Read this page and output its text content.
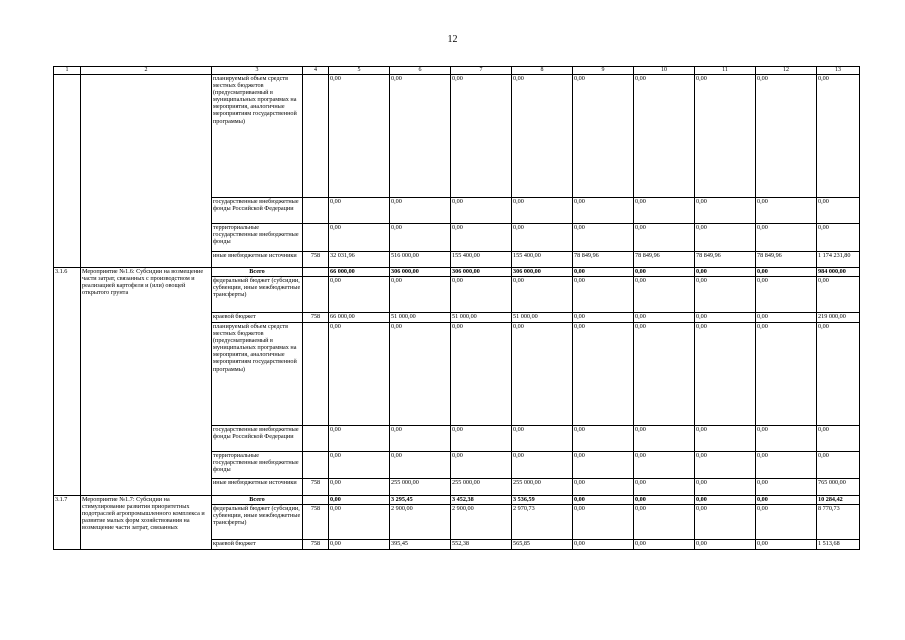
12
1	2	3	4	5	6	7	8	9	10	11	12	13
		планируемый объем средств местных бюджетов (предусматриваемый в муниципальных программах на мероприятия, аналогичные мероприятиям государственной программы)		0,00	0,00	0,00	0,00	0,00	0,00	0,00	0,00	0,00
		государственные внебюджетные фонды Российской Федерации		0,00	0,00	0,00	0,00	0,00	0,00	0,00	0,00	0,00
		территориальные государственные внебюджетные фонды		0,00	0,00	0,00	0,00	0,00	0,00	0,00	0,00	0,00
		иные внебюджетные источники	758	32 031,96	516 000,00	155 400,00	155 400,00	78 849,96	78 849,96	78 849,96	78 849,96	1 174 231,80
3.1.6	Мероприятие №1.6: Субсидии на возмещение части затрат, связанных с производством и реализацией картофеля и (или) овощей открытого грунта	Всего		66 000,00	306 000,00	306 000,00	306 000,00	0,00	0,00	0,00	0,00	984 000,00
		федеральный бюджет (субсидии, субвенции, иные межбюджетные трансферты)		0,00	0,00	0,00	0,00	0,00	0,00	0,00	0,00	0,00
		краевой бюджет	758	66 000,00	51 000,00	51 000,00	51 000,00	0,00	0,00	0,00	0,00	219 000,00
		планируемый объем средств местных бюджетов (предусматриваемый в муниципальных программах на мероприятия, аналогичные мероприятиям государственной программы)		0,00	0,00	0,00	0,00	0,00	0,00	0,00	0,00	0,00
		государственные внебюджетные фонды Российской Федерации		0,00	0,00	0,00	0,00	0,00	0,00	0,00	0,00	0,00
		территориальные государственные внебюджетные фонды		0,00	0,00	0,00	0,00	0,00	0,00	0,00	0,00	0,00
		иные внебюджетные источники	758	0,00	255 000,00	255 000,00	255 000,00	0,00	0,00	0,00	0,00	765 000,00
3.1.7	Мероприятие №1.7: Субсидии на стимулирование развития приоритетных подотраслей агропромышленного комплекса и развитие малых форм хозяйствования на возмещение части затрат, связанных	Всего		0,00	3 295,45	3 452,38	3 536,59	0,00	0,00	0,00	0,00	10 284,42
		федеральный бюджет (субсидии, субвенции, иные межбюджетные трансферты)	758	0,00	2 900,00	2 900,00	2 970,73	0,00	0,00	0,00	0,00	8 770,73
		краевой бюджет	758	0,00	395,45	552,38	565,85	0,00	0,00	0,00	0,00	1 513,68
